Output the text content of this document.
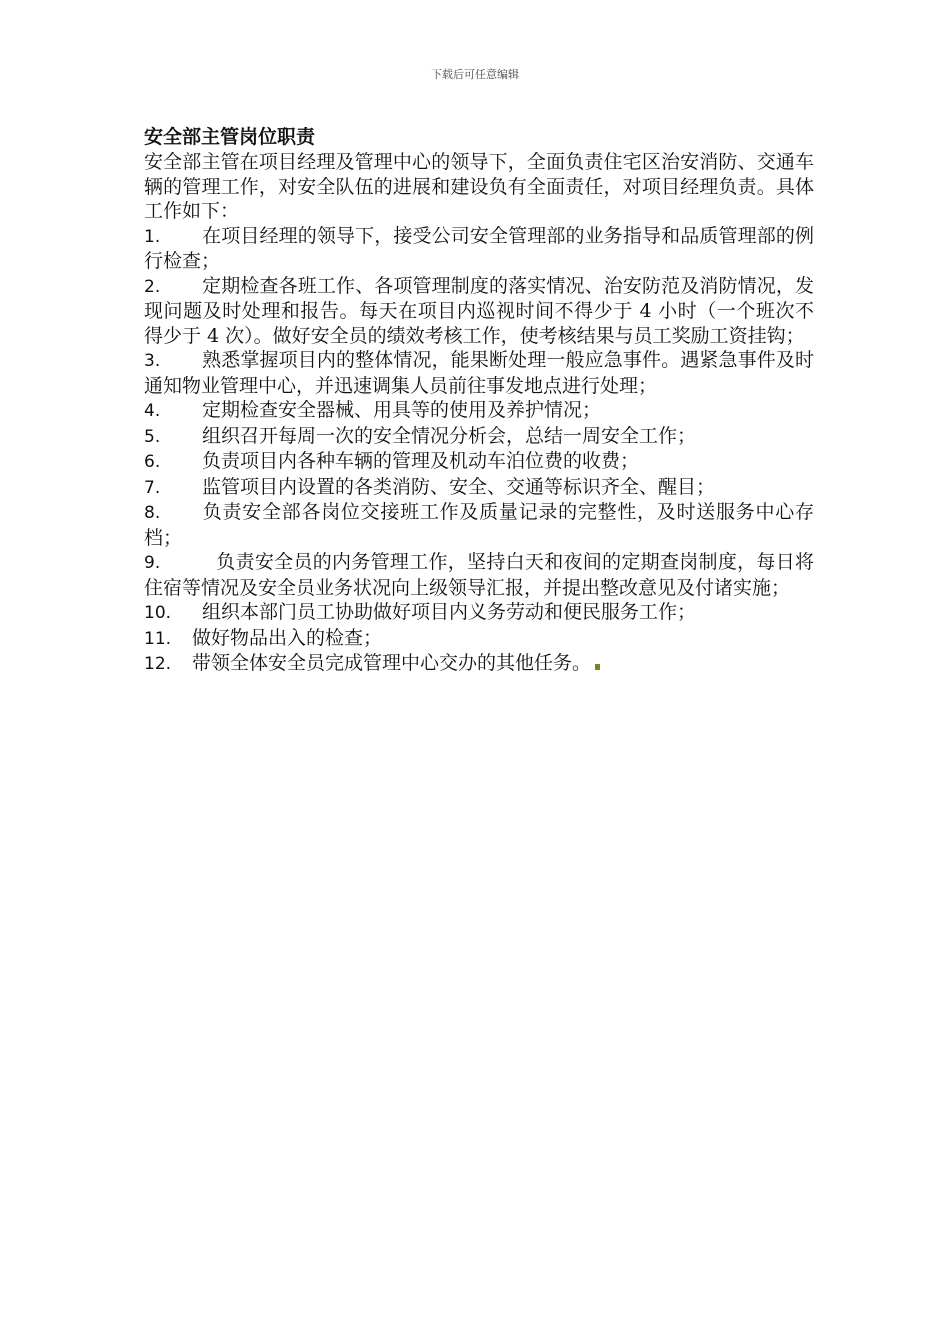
下载后可任意编辑
安全部主管岗位职责

安全部主管在项目经理及管理中心的领导下，全面负责住宅区治安消防、交通车辆的管理工作，对安全队伍的进展和建设负有全面责任，对项目经理负责。具体工作如下：

1. 在项目经理的领导下，接受公司安全管理部的业务指导和品质管理部的例行检查；
2. 定期检查各班工作、各项管理制度的落实情况、治安防范及消防情况，发现问题及时处理和报告。每天在项目内巡视时间不得少于 4 小时（一个班次不得少于 4 次）。做好安全员的绩效考核工作，使考核结果与员工奖励工资挂钩；
3. 熟悉掌握项目内的整体情况，能果断处理一般应急事件。遇紧急事件及时通知物业管理中心，并迅速调集人员前往事发地点进行处理；
4. 定期检查安全器械、用具等的使用及养护情况；
5. 组织召开每周一次的安全情况分析会，总结一周安全工作；
6. 负责项目内各种车辆的管理及机动车泊位费的收费；
7. 监管项目内设置的各类消防、安全、交通等标识齐全、醒目；
8. 负责安全部各岗位交接班工作及质量记录的完整性，及时送服务中心存档；
9.	负责安全员的内务管理工作，坚持白天和夜间的定期查岗制度，每日将住宿等情况及安全员业务状况向上级领导汇报，并提出整改意见及付诸实施；
10. 组织本部门员工协助做好项目内义务劳动和便民服务工作；
11. 做好物品出入的检查；
12. 带领全体安全员完成管理中心交办的其他任务。
